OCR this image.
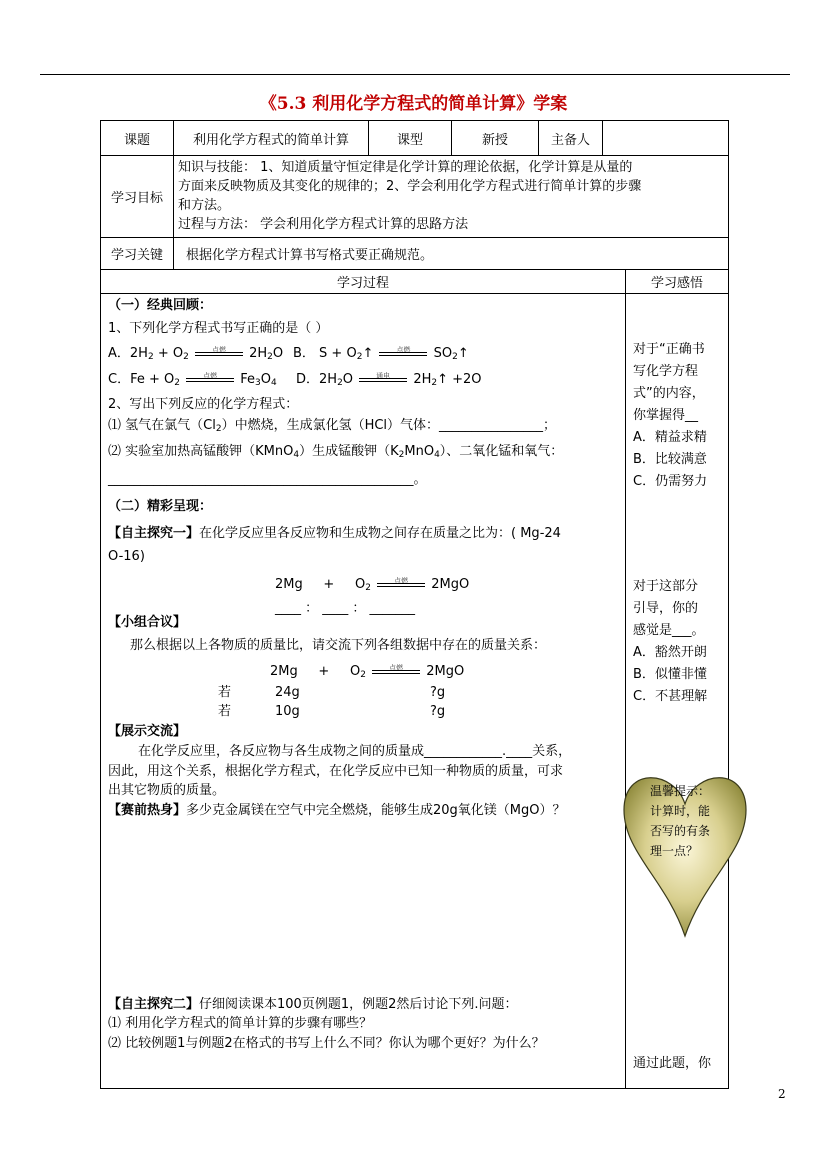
《5.3 利用化学方程式的简单计算》学案
课题	利用化学方程式的简单计算	课型	新授	主备人		
学习目标	知识与技能： 1、知道质量守恒定律是化学计算的理论依据，化学计算是从量的
方面来反映物质及其变化的规律的；2、学会利用化学方程式进行简单计算的步骤
和方法。
过程与方法： 学会利用化学方程式计算的思路方法					

学习关键	根据化学方程式计算书写格式要正确规范。					
学习过程						学习感悟

（一）经典回顾：
1、下列化学方程式书写正确的是（ ）
A．$2H_2 + O_2$
点燃	$2H_2O$ B． $S + O_2↑$	点燃	$SO_2↑$
C．$Fe + O_2$
点燃	$Fe_3O_4$ D．$2H_2O$	通电	$2H_2↑ +2O$
2、写出下列反应的化学方程式：
⑴ 氢气在氯气$(Cl_2)$中燃烧，生成氯化氢（HCl）气体：________________；
⑵ 实验室加热高锰酸钾（KMnO$_4$）生成锰酸钾$(K_2MnO_4)$、二氧化锰和氧气：
_______________________________________________。
（二）精彩呈现：
【自主探究一】在化学反应里各反应物和生成物之间存在质量之比为：( Mg-24
O-16)
$2Mg + O_2$
点燃	2MgO
____ ： ____ ： _______
【小组合议】
那么根据以上各物质的质量比，请交流下列各组数据中存在的质量关系：
$2Mg + O_2$
点燃	2MgO
若	24g	?g
若	10g	?g
【展示交流】
在化学反应里，各反应物与各生成物之间的质量成____________.____关系，
因此，用这个关系，根据化学方程式，在化学反应中已知一种物质的质量，可求
出其它物质的质量。
【赛前热身】多少克金属镁在空气中完全燃烧，能够生成20g氧化镁（MgO）？
【自主探究二】仔细阅读课本100页例题1，例题2然后讨论下列.问题：
⑴ 利用化学方程式的简单计算的步骤有哪些？
⑵ 比较例题1与例题2在格式的书写上什么不同？你认为哪个更好？为什么？
对于“正确书
写化学方程
式”的内容，
你掌握得__
A．精益求精
B．比较满意
C．仍需努力
对于这部分
引导，你的
感觉是___。
A．豁然开朗
B．似懂非懂
C．不甚理解
温馨提示：
计算时，能
否写的有条
理一点？
通过此题，你
2
